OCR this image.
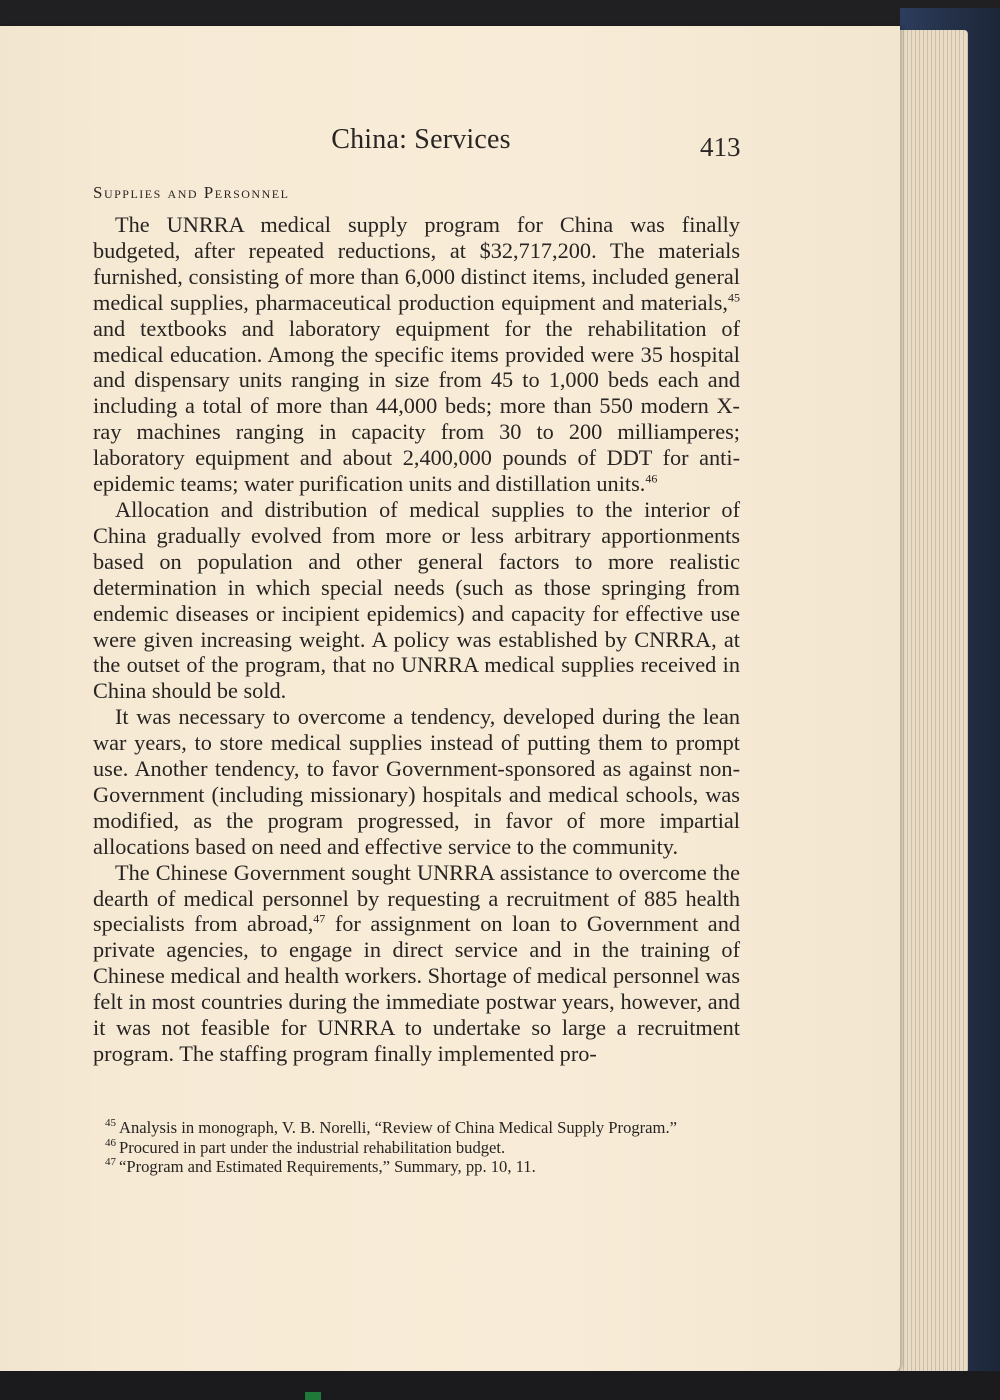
China: Services	413
Supplies and Personnel

The UNRRA medical supply program for China was finally budgeted, after repeated reductions, at $32,717,200. The materials furnished, consisting of more than 6,000 distinct items, included general medical supplies, pharmaceutical production equipment and materials,$^{45}$ and textbooks and laboratory equipment for the rehabilitation of medical education. Among the specific items provided were 35 hospital and dispensary units ranging in size from 45 to 1,000 beds each and including a total of more than 44,000 beds; more than 550 modern X-ray machines ranging in capacity from 30 to 200 milliamperes; laboratory equipment and about 2,400,000 pounds of DDT for anti-epidemic teams; water purification units and distillation units.$^{46}$

Allocation and distribution of medical supplies to the interior of China gradually evolved from more or less arbitrary apportionments based on population and other general factors to more realistic determination in which special needs (such as those springing from endemic diseases or incipient epidemics) and capacity for effective use were given increasing weight. A policy was established by CNRRA, at the outset of the program, that no UNRRA medical supplies received in China should be sold.

It was necessary to overcome a tendency, developed during the lean war years, to store medical supplies instead of putting them to prompt use. Another tendency, to favor Government-sponsored as against non-Government (including missionary) hospitals and medical schools, was modified, as the program progressed, in favor of more impartial allocations based on need and effective service to the community.

The Chinese Government sought UNRRA assistance to overcome the dearth of medical personnel by requesting a recruitment of 885 health specialists from abroad,$^{47}$ for assignment on loan to Government and private agencies, to engage in direct service and in the training of Chinese medical and health workers. Shortage of medical personnel was felt in most countries during the immediate postwar years, however, and it was not feasible for UNRRA to undertake so large a recruitment program. The staffing program finally implemented pro-

$^{45}$ Analysis in monograph, V. B. Norelli, “Review of China Medical Supply Program.”

$^{46}$ Procured in part under the industrial rehabilitation budget.

$^{47}$ “Program and Estimated Requirements,” Summary, pp. 10, 11.
